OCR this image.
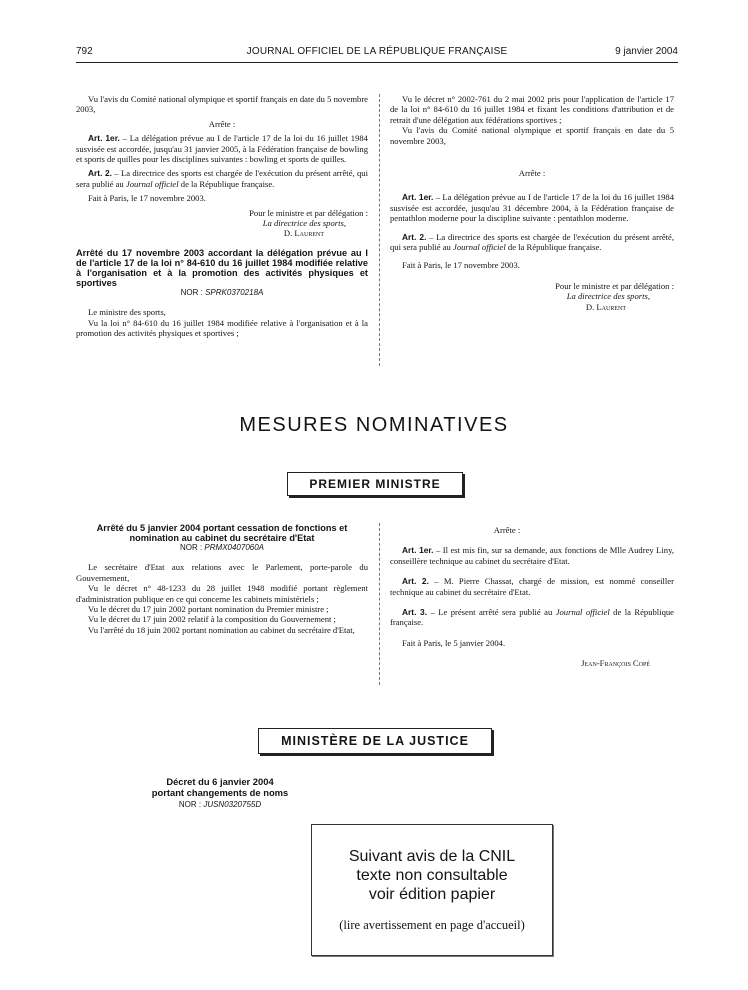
792	JOURNAL OFFICIEL DE LA RÉPUBLIQUE FRANÇAISE	9 janvier 2004

Vu l'avis du Comité national olympique et sportif français en date du 5 novembre 2003,

Arrête :

Art. 1er. – La délégation prévue au I de l'article 17 de la loi du 16 juillet 1984 susvisée est accordée, jusqu'au 31 janvier 2005, à la Fédération française de bowling et sports de quilles pour les disciplines suivantes : bowling et sports de quilles.

Art. 2. – La directrice des sports est chargée de l'exécution du présent arrêté, qui sera publié au Journal officiel de la République française.

Fait à Paris, le 17 novembre 2003.

Pour le ministre et par délégation :

La directrice des sports,

D. Laurent

Arrêté du 17 novembre 2003 accordant la délégation prévue au I de l'article 17 de la loi n° 84-610 du 16 juillet 1984 modifiée relative à l'organisation et à la promotion des activités physiques et sportives

NOR : SPRK0370218A

Le ministre des sports,

Vu la loi n° 84-610 du 16 juillet 1984 modifiée relative à l'organisation et à la promotion des activités physiques et sportives ;

Vu le décret n° 2002-761 du 2 mai 2002 pris pour l'application de l'article 17 de la loi n° 84-610 du 16 juillet 1984 et fixant les conditions d'attribution et de retrait d'une délégation aux fédérations sportives ;

Vu l'avis du Comité national olympique et sportif français en date du 5 novembre 2003,

Arrête :

Art. 1er. – La délégation prévue au I de l'article 17 de la loi du 16 juillet 1984 susvisée est accordée, jusqu'au 31 décembre 2004, à la Fédération française de pentathlon moderne pour la discipline suivante : pentathlon moderne.

Art. 2. – La directrice des sports est chargée de l'exécution du présent arrêté, qui sera publié au Journal officiel de la République française.

Fait à Paris, le 17 novembre 2003.

Pour le ministre et par délégation :

La directrice des sports,

D. Laurent

MESURES NOMINATIVES
PREMIER MINISTRE

Arrêté du 5 janvier 2004 portant cessation de fonctions et nomination au cabinet du secrétaire d'Etat

NOR : PRMX0407060A

Le secrétaire d'Etat aux relations avec le Parlement, porte-parole du Gouvernement,

Vu le décret n° 48-1233 du 28 juillet 1948 modifié portant règlement d'administration publique en ce qui concerne les cabinets ministériels ;

Vu le décret du 17 juin 2002 portant nomination du Premier ministre ;

Vu le décret du 17 juin 2002 relatif à la composition du Gouvernement ;

Vu l'arrêté du 18 juin 2002 portant nomination au cabinet du secrétaire d'Etat,

Arrête :

Art. 1er. – Il est mis fin, sur sa demande, aux fonctions de Mlle Audrey Liny, conseillère technique au cabinet du secrétaire d'Etat.

Art. 2. – M. Pierre Chassat, chargé de mission, est nommé conseiller technique au cabinet du secrétaire d'Etat.

Art. 3. – Le présent arrêté sera publié au Journal officiel de la République française.

Fait à Paris, le 5 janvier 2004.

Jean-François Copé

MINISTÈRE DE LA JUSTICE
Décret du 6 janvier 2004
portant changements de noms
NOR : JUSN0320755D
Suivant avis de la CNIL
texte non consultable
voir édition papier
(lire avertissement en page d'accueil)
